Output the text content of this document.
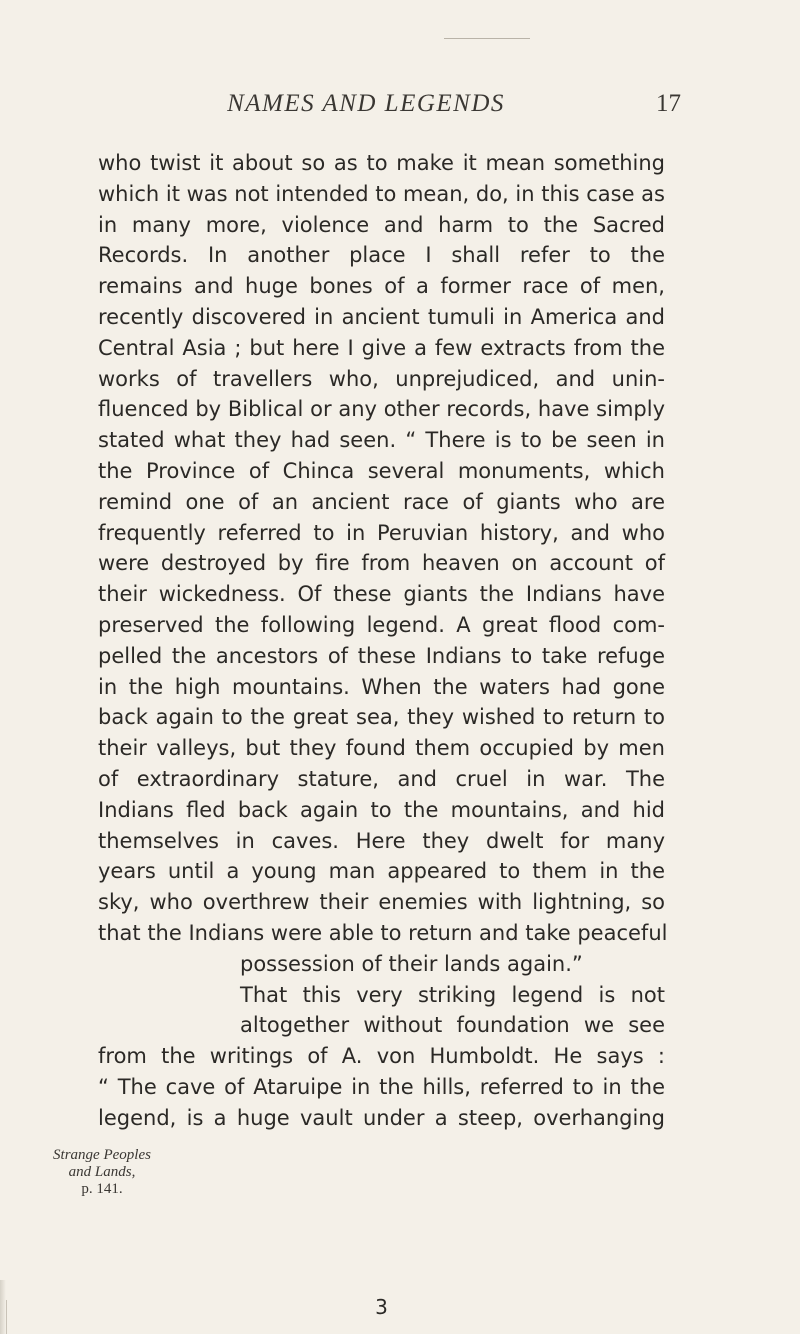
NAMES AND LEGENDS	17
who twist it about so as to make it mean something
which it was not intended to mean, do, in this case as
in many more, violence and harm to the Sacred
Records. In another place I shall refer to the
remains and huge bones of a former race of men,
recently discovered in ancient tumuli in America and
Central Asia ; but here I give a few extracts from the
works of travellers who, unprejudiced, and unin-
fluenced by Biblical or any other records, have simply
stated what they had seen. “ There is to be seen in
the Province of Chinca several monuments, which
remind one of an ancient race of giants who are
frequently referred to in Peruvian history, and who
were destroyed by fire from heaven on account of
their wickedness. Of these giants the Indians have
preserved the following legend. A great flood com-
pelled the ancestors of these Indians to take refuge
in the high mountains. When the waters had gone
back again to the great sea, they wished to return to
their valleys, but they found them occupied by men
of extraordinary stature, and cruel in war. The
Indians fled back again to the mountains, and hid
themselves in caves. Here they dwelt for many
years until a young man appeared to them in the
sky, who overthrew their enemies with lightning, so
that the Indians were able to return and take peaceful
possession of their lands again.”
That this very striking legend is not
altogether without foundation we see
from the writings of A. von Humboldt. He says :
“ The cave of Ataruipe in the hills, referred to in the
legend, is a huge vault under a steep, overhanging
Strange Peoples
and Lands,
p. 141.
3
